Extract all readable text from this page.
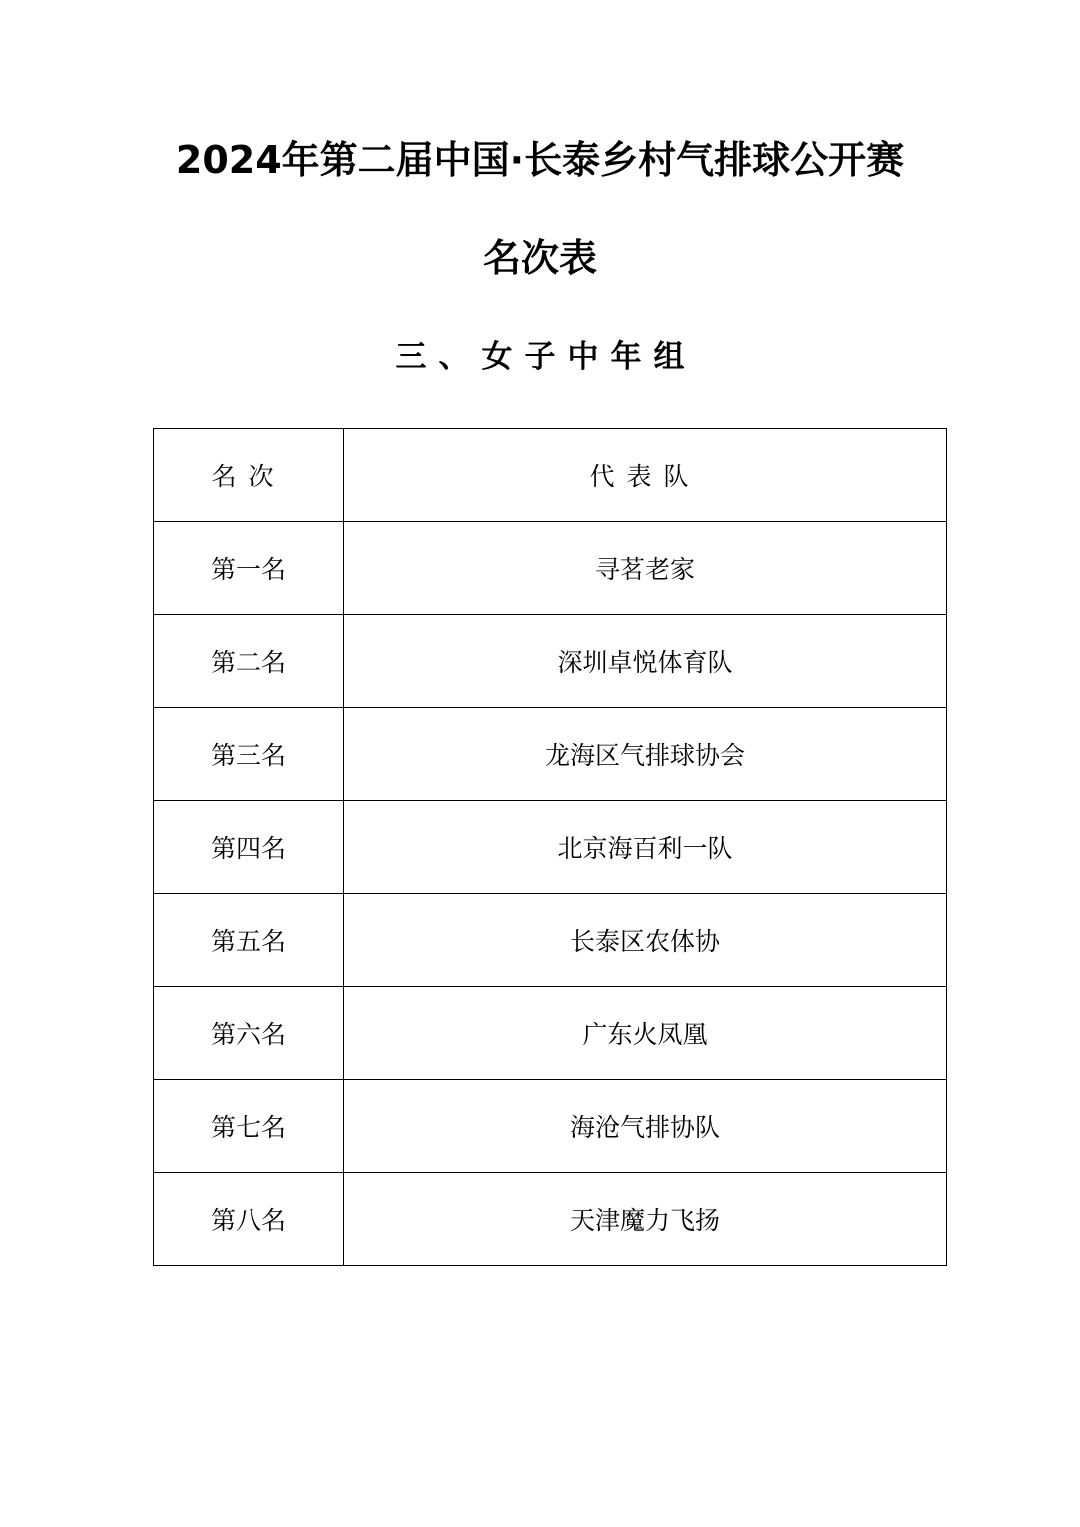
2024年第二届中国·长泰乡村气排球公开赛
名次表
三、女子中年组
名次	代表队
第一名	寻茗老家
第二名	深圳卓悦体育队
第三名	龙海区气排球协会
第四名	北京海百利一队
第五名	长泰区农体协
第六名	广东火凤凰
第七名	海沧气排协队
第八名	天津魔力飞扬
